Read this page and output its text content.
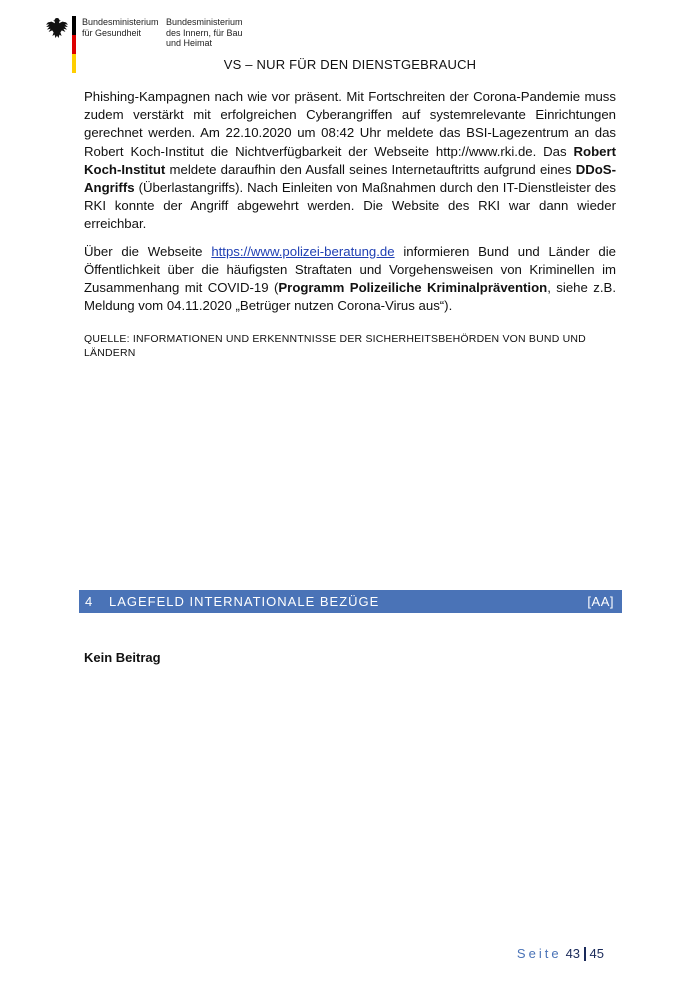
Bundesministerium
für Gesundheit
Bundesministerium
des Innern, für Bau
und Heimat
VS – NUR FÜR DEN DIENSTGEBRAUCH

Phishing-Kampagnen nach wie vor präsent. Mit Fortschreiten der Corona-Pandemie muss zudem verstärkt mit erfolgreichen Cyberangriffen auf systemrelevante Einrichtungen gerechnet werden. Am 22.10.2020 um 08:42 Uhr meldete das BSI-Lagezentrum an das Robert Koch-Institut die Nichtverfügbarkeit der Webseite http://www.rki.de. Das Robert Koch-Institut meldete daraufhin den Ausfall seines Internetauftritts aufgrund eines DDoS-Angriffs (Überlastangriffs). Nach Einleiten von Maßnahmen durch den IT-Dienstleister des RKI konnte der Angriff abgewehrt werden. Die Website des RKI war dann wieder erreichbar.

Über die Webseite https://www.polizei-beratung.de informieren Bund und Länder die Öffentlichkeit über die häufigsten Straftaten und Vorgehensweisen von Kriminellen im Zusammenhang mit COVID-19 (Programm Polizeiliche Kriminalprävention, siehe z.B. Meldung vom 04.11.2020 „Betrüger nutzen Corona-Virus aus“).

QUELLE: INFORMATIONEN UND ERKENNTNISSE DER SICHERHEITSBEHÖRDEN VON BUND UND LÄNDERN
4 LAGEFELD INTERNATIONALE BEZÜGE	[AA]
Kein Beitrag
Seite 43 45
